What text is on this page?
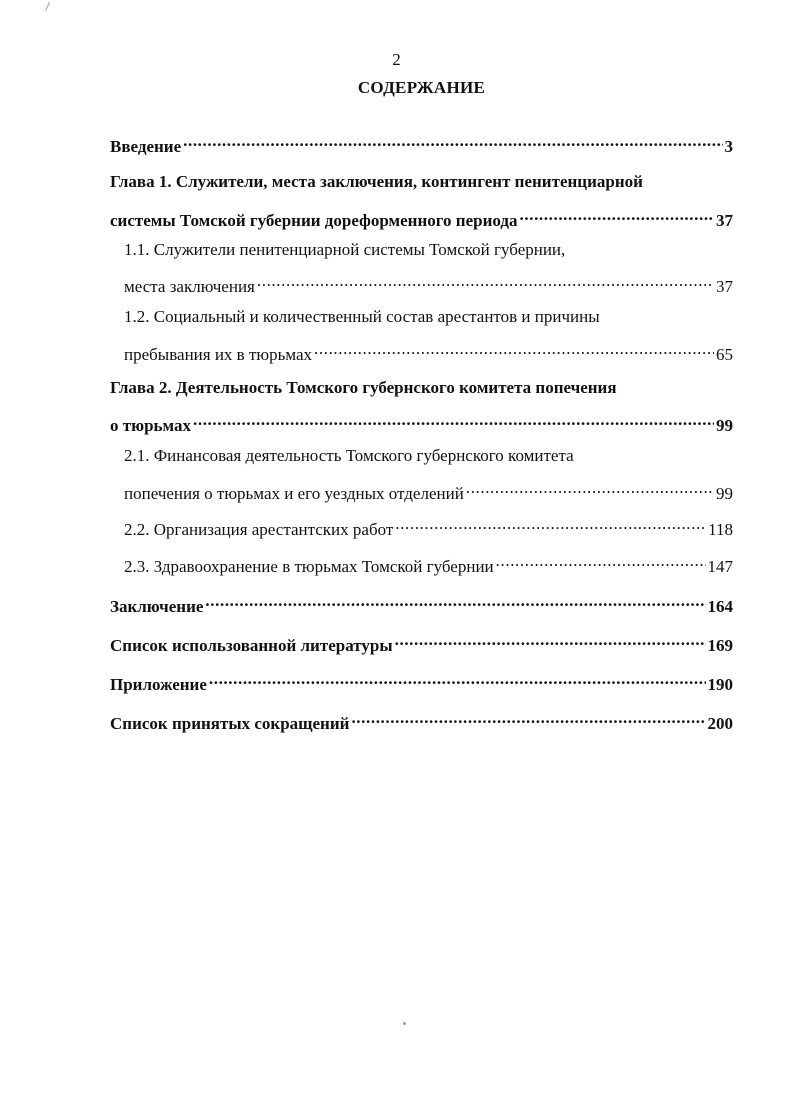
2
СОДЕРЖАНИЕ
Введение .....	3
Глава 1. Служители, места заключения, контингент пенитенциарной
системы Томской губернии дореформенного периода .....	37
1.1. Служители пенитенциарной системы Томской губернии,
места заключения .....	37
1.2. Социальный и количественный состав арестантов и причины
пребывания их в тюрьмах .....	65
Глава 2. Деятельность Томского губернского комитета попечения
о тюрьмах .....	99
2.1. Финансовая деятельность Томского губернского комитета
попечения о тюрьмах и его уездных отделений .....	99
2.2. Организация арестантских работ .....	118
2.3. Здравоохранение в тюрьмах Томской губернии .....	147
Заключение .....	164
Список использованной литературы .....	169
Приложение .....	190
Список принятых сокращений .....	200
